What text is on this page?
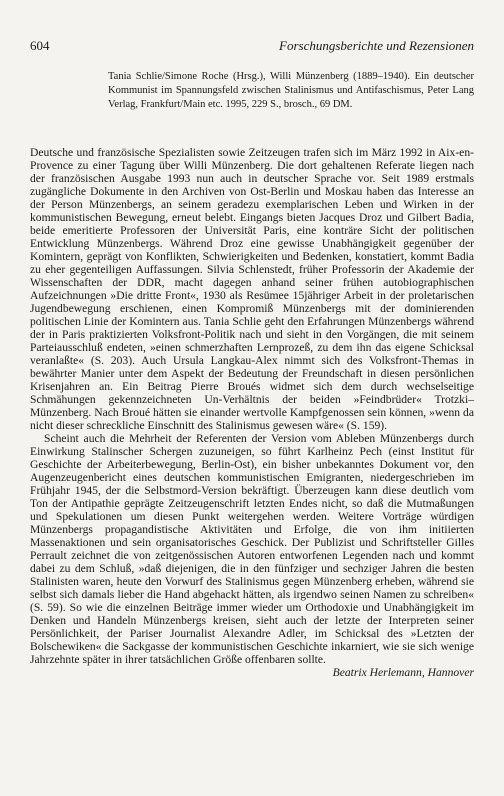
604	Forschungsberichte und Rezensionen
Tania Schlie/Simone Roche (Hrsg.), Willi Münzenberg (1889–1940). Ein deutscher Kommunist im Spannungsfeld zwischen Stalinismus und Antifaschismus, Peter Lang Verlag, Frankfurt/Main etc. 1995, 229 S., brosch., 69 DM.

Deutsche und französische Spezialisten sowie Zeitzeugen trafen sich im März 1992 in Aix-en-Provence zu einer Tagung über Willi Münzenberg. Die dort gehaltenen Referate liegen nach der französischen Ausgabe 1993 nun auch in deutscher Sprache vor. Seit 1989 erstmals zugängliche Dokumente in den Archiven von Ost-Berlin und Moskau haben das Interesse an der Person Münzenbergs, an seinem geradezu exemplarischen Leben und Wirken in der kommunistischen Bewegung, erneut belebt. Eingangs bieten Jacques Droz und Gilbert Badia, beide emeritierte Professoren der Universität Paris, eine konträre Sicht der politischen Entwicklung Münzenbergs. Während Droz eine gewisse Unabhängigkeit gegenüber der Komintern, geprägt von Konflikten, Schwierigkeiten und Bedenken, konstatiert, kommt Badia zu eher gegenteiligen Auffassungen. Silvia Schlenstedt, früher Professorin der Akademie der Wissenschaften der DDR, macht dagegen anhand seiner frühen autobiographischen Aufzeichnungen »Die dritte Front«, 1930 als Resümee 15jähriger Arbeit in der proletarischen Jugendbewegung erschienen, einen Kompromiß Münzenbergs mit der dominierenden politischen Linie der Komintern aus. Tania Schlie geht den Erfahrungen Münzenbergs während der in Paris praktizierten Volksfront-Politik nach und sieht in den Vorgängen, die mit seinem Parteiausschluß endeten, »einen schmerzhaften Lernprozeß, zu dem ihn das eigene Schicksal veranlaßte« (S. 203). Auch Ursula Langkau-Alex nimmt sich des Volksfront-Themas in bewährter Manier unter dem Aspekt der Bedeutung der Freundschaft in diesen persönlichen Krisenjahren an. Ein Beitrag Pierre Broués widmet sich dem durch wechselseitige Schmähungen gekennzeichneten Un-Verhältnis der beiden »Feindbrüder« Trotzki–Münzenberg. Nach Broué hätten sie einander wertvolle Kampfgenossen sein können, »wenn da nicht dieser schreckliche Einschnitt des Stalinismus gewesen wäre« (S. 159).

Scheint auch die Mehrheit der Referenten der Version vom Ableben Münzenbergs durch Einwirkung Stalinscher Schergen zuzuneigen, so führt Karlheinz Pech (einst Institut für Geschichte der Arbeiterbewegung, Berlin-Ost), ein bisher unbekanntes Dokument vor, den Augenzeugenbericht eines deutschen kommunistischen Emigranten, niedergeschrieben im Frühjahr 1945, der die Selbstmord-Version bekräftigt. Überzeugen kann diese deutlich vom Ton der Antipathie geprägte Zeitzeugenschrift letzten Endes nicht, so daß die Mutmaßungen und Spekulationen um diesen Punkt weitergehen werden. Weitere Vorträge würdigen Münzenbergs propagandistische Aktivitäten und Erfolge, die von ihm initiierten Massenaktionen und sein organisatorisches Geschick. Der Publizist und Schriftsteller Gilles Perrault zeichnet die von zeitgenössischen Autoren entworfenen Legenden nach und kommt dabei zu dem Schluß, »daß diejenigen, die in den fünfziger und sechziger Jahren die besten Stalinisten waren, heute den Vorwurf des Stalinismus gegen Münzenberg erheben, während sie selbst sich damals lieber die Hand abgehackt hätten, als irgendwo seinen Namen zu schreiben« (S. 59). So wie die einzelnen Beiträge immer wieder um Orthodoxie und Unabhängigkeit im Denken und Handeln Münzenbergs kreisen, sieht auch der letzte der Interpreten seiner Persönlichkeit, der Pariser Journalist Alexandre Adler, im Schicksal des »Letzten der Bolschewiken« die Sackgasse der kommunistischen Geschichte inkarniert, wie sie sich wenige Jahrzehnte später in ihrer tatsächlichen Größe offenbaren sollte.
Beatrix Herlemann, Hannover
